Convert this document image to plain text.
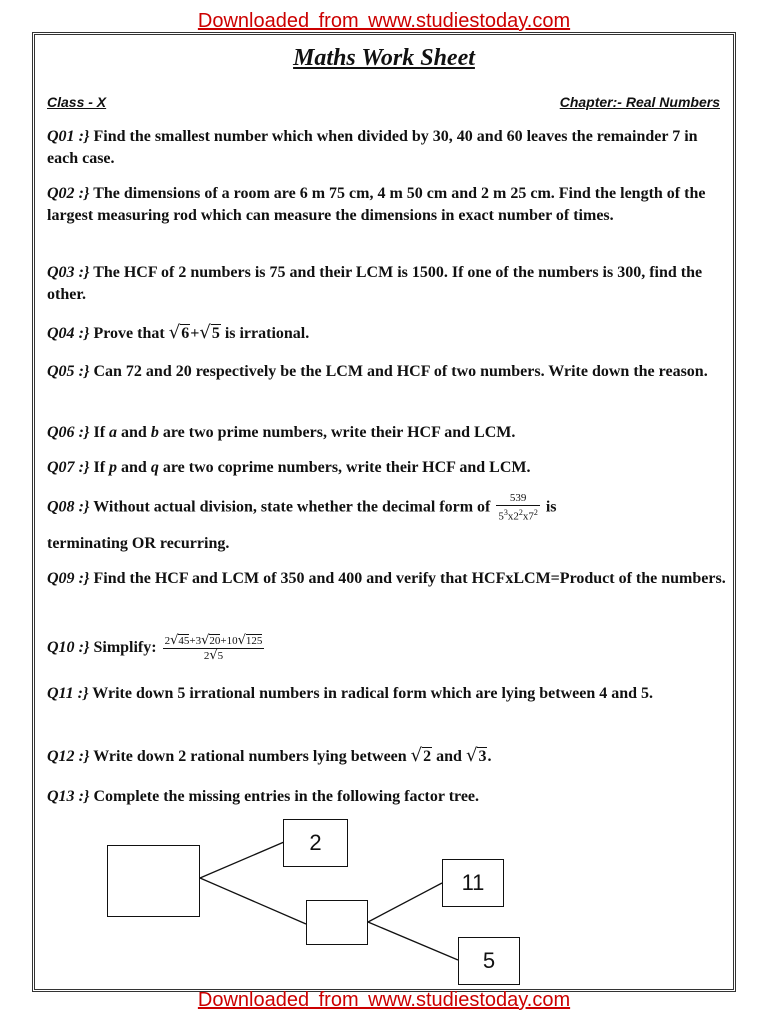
Downloaded from www.studiestoday.com
Maths Work Sheet
Class - X	Chapter:- Real Numbers
Q01 :} Find the smallest number which when divided by 30, 40 and 60 leaves the remainder 7 in each case.
Q02 :} The dimensions of a room are 6 m 75 cm, 4 m 50 cm and 2 m 25 cm. Find the length of the largest measuring rod which can measure the dimensions in exact number of times.
Q03 :} The HCF of 2 numbers is 75 and their LCM is 1500. If one of the numbers is 300, find the other.
Q04 :} Prove that √6+√5 is irrational.
Q05 :} Can 72 and 20 respectively be the LCM and HCF of two numbers. Write down the reason.
Q06 :} If a and b are two prime numbers, write their HCF and LCM.
Q07 :} If p and q are two coprime numbers, write their HCF and LCM.
Q08 :} Without actual division, state whether the decimal form of $\frac{539}{5^3x2^2x7^2}$ is
terminating OR recurring.
Q09 :} Find the HCF and LCM of 350 and 400 and verify that HCFxLCM=Product of the numbers.
Q10 :} Simplify: $\frac{2√45+3√20+10√125}{2√5}$
Q11 :} Write down 5 irrational numbers in radical form which are lying between 4 and 5.
Q12 :} Write down 2 rational numbers lying between √2 and √3.
Q13 :} Complete the missing entries in the following factor tree.
2
11
5
Downloaded from www.studiestoday.com
